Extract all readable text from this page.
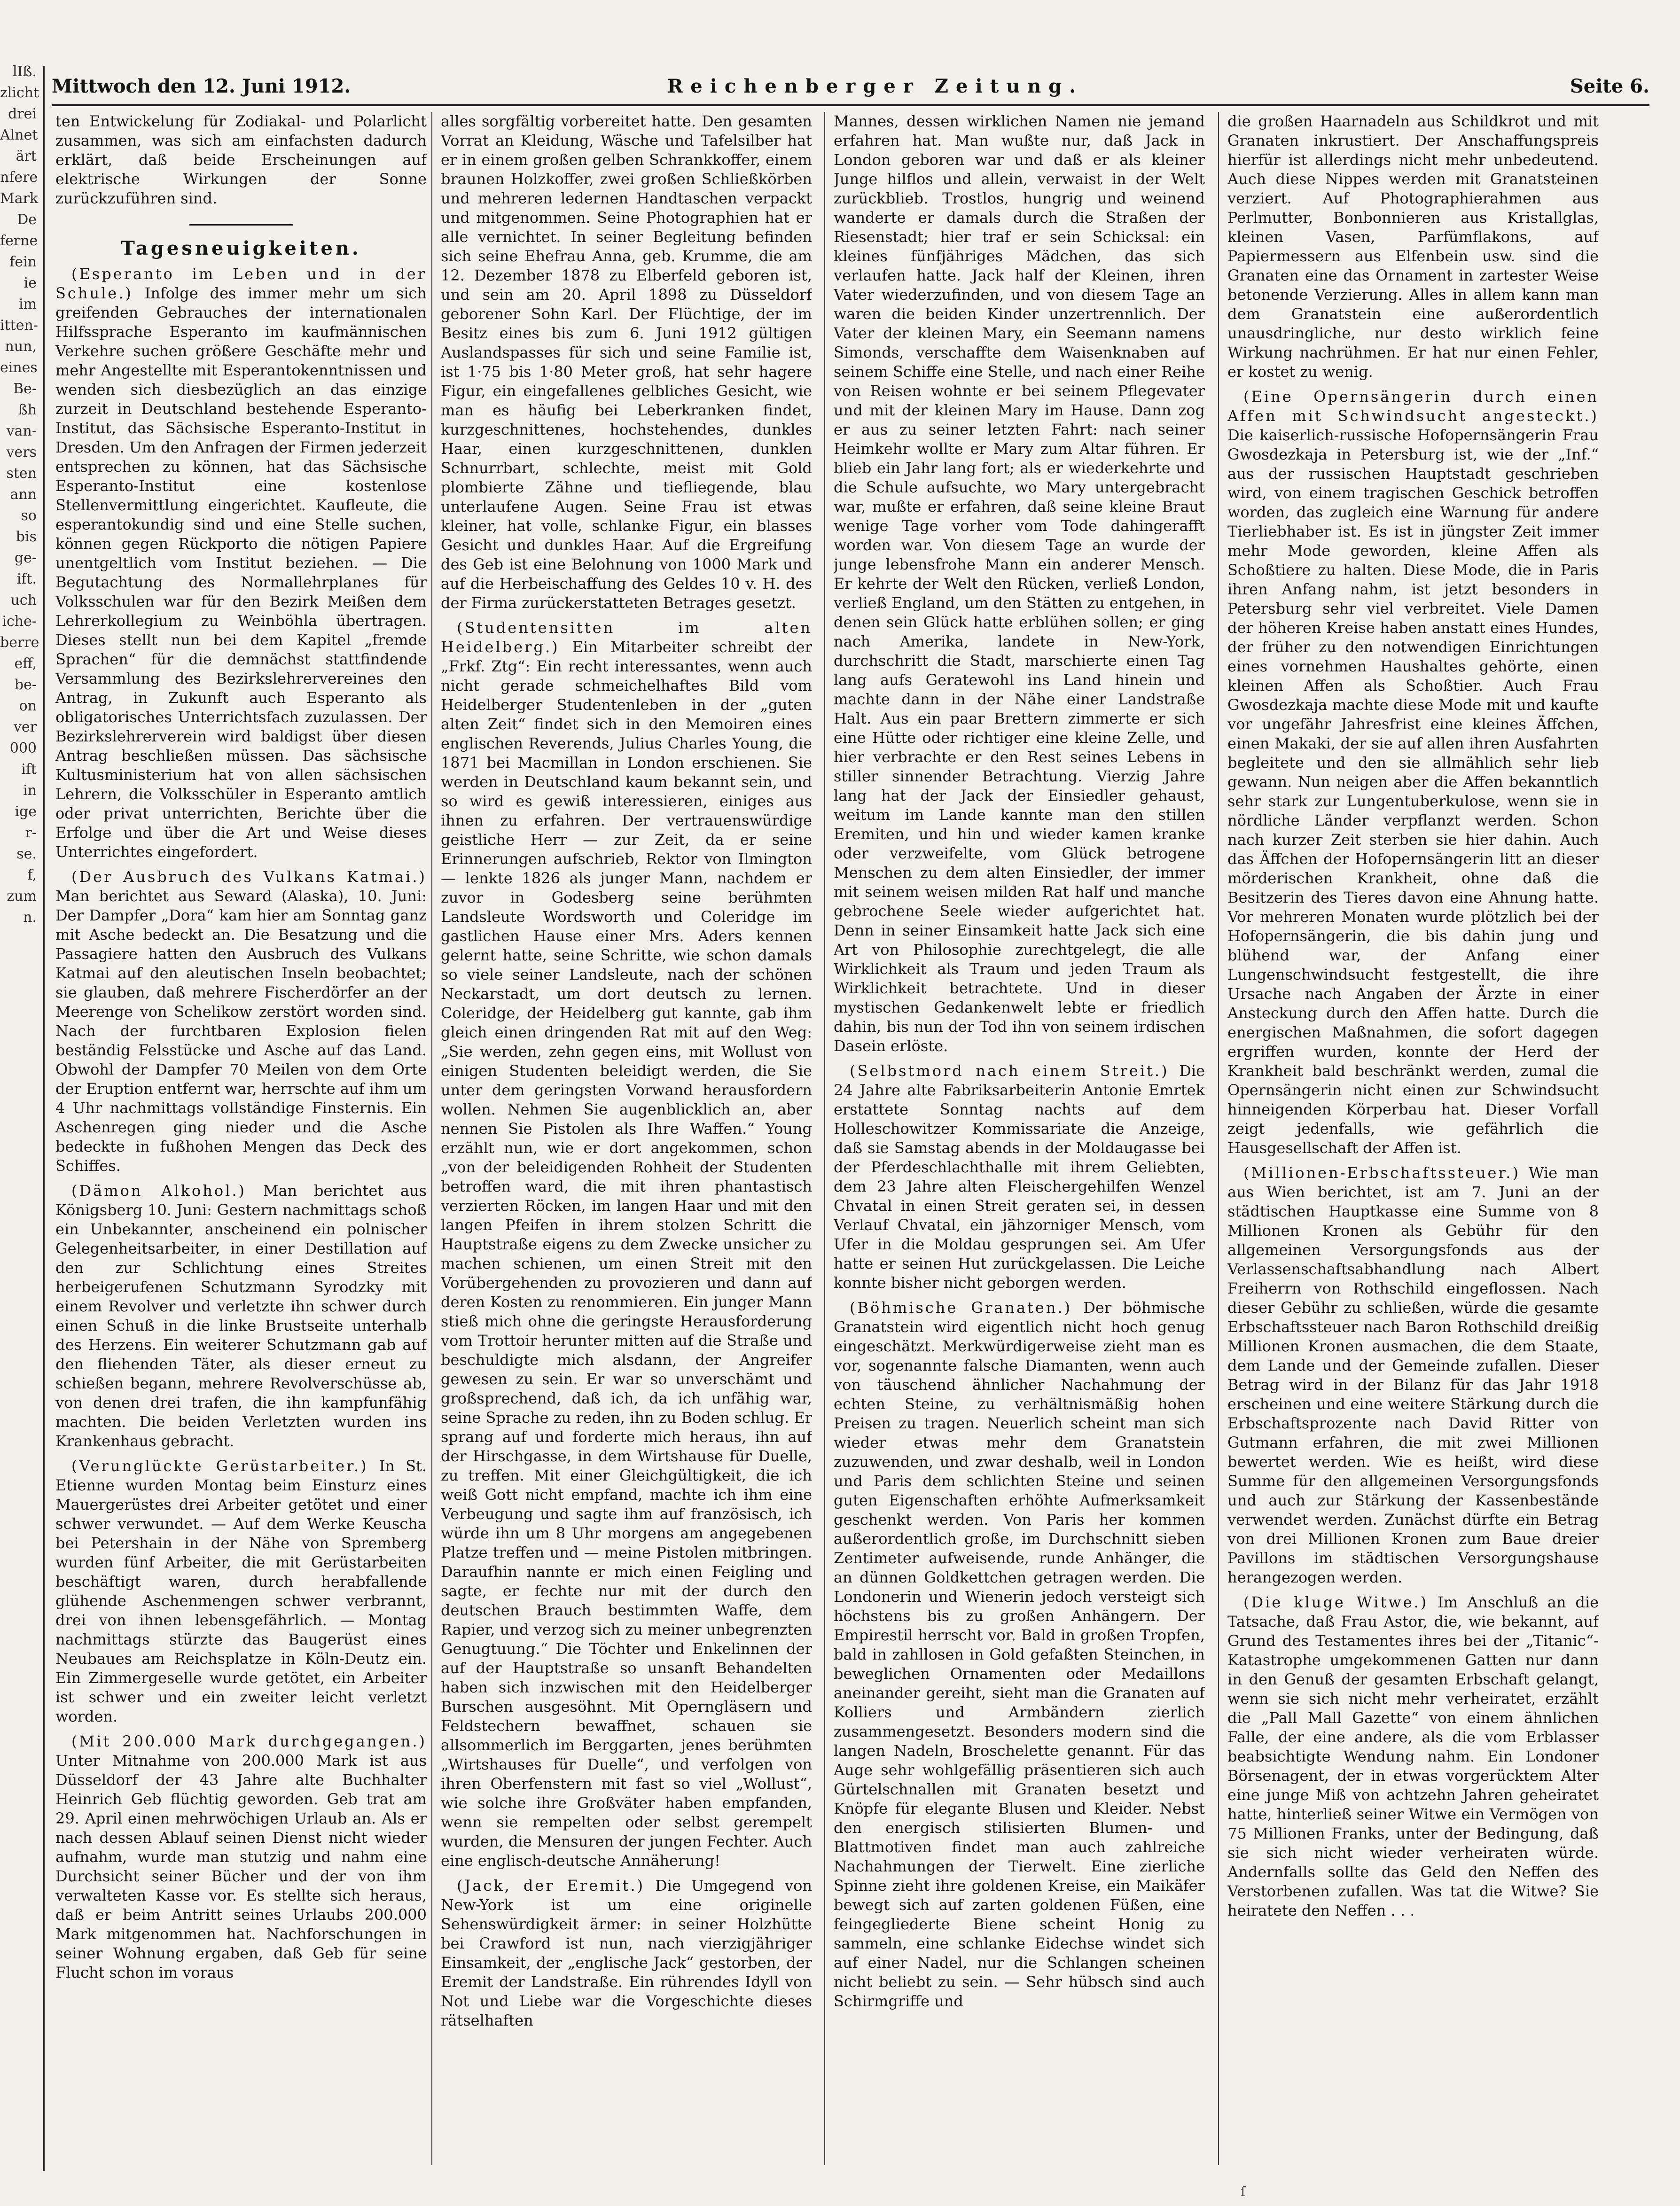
lIß.
zlicht
drei
Alnet
ärt
nfere
Mark
De
ferne
fein
ie
im
itten-
nun,
eines
Be-
ßh
van-
vers
sten
ann
so
bis
ge-
ift.
uch
iche-
berre
eff,
be-
on
ver
000
ift
in
ige
r-
se.
f,
zum
n.
Mittwoch den 12. Juni 1912.	Reichenberger Zeitung.	Seite 6.

ten Entwickelung für Zodiakal- und Polarlicht zusammen, was sich am einfachsten dadurch erklärt, daß beide Erscheinungen auf elektrische Wirkungen der Sonne zurückzuführen sind.

Tagesneuigkeiten.

(Esperanto im Leben und in der Schule.) Infolge des immer mehr um sich greifenden Gebrauches der internationalen Hilfssprache Esperanto im kaufmännischen Verkehre suchen größere Geschäfte mehr und mehr Angestellte mit Esperantokenntnissen und wenden sich diesbezüglich an das einzige zurzeit in Deutschland bestehende Esperanto-Institut, das Sächsische Esperanto-Institut in Dresden. Um den Anfragen der Firmen jederzeit entsprechen zu können, hat das Sächsische Esperanto-Institut eine kostenlose Stellenvermittlung eingerichtet. Kaufleute, die esperantokundig sind und eine Stelle suchen, können gegen Rückporto die nötigen Papiere unentgeltlich vom Institut beziehen. — Die Begutachtung des Normallehrplanes für Volksschulen war für den Bezirk Meißen dem Lehrerkollegium zu Weinböhla übertragen. Dieses stellt nun bei dem Kapitel „fremde Sprachen“ für die demnächst stattfindende Versammlung des Bezirkslehrervereines den Antrag, in Zukunft auch Esperanto als obligatorisches Unterrichtsfach zuzulassen. Der Bezirkslehrerverein wird baldigst über diesen Antrag beschließen müssen. Das sächsische Kultusministerium hat von allen sächsischen Lehrern, die Volksschüler in Esperanto amtlich oder privat unterrichten, Berichte über die Erfolge und über die Art und Weise dieses Unterrichtes eingefordert.

(Der Ausbruch des Vulkans Katmai.) Man berichtet aus Seward (Alaska), 10. Juni: Der Dampfer „Dora“ kam hier am Sonntag ganz mit Asche bedeckt an. Die Besatzung und die Passagiere hatten den Ausbruch des Vulkans Katmai auf den aleutischen Inseln beobachtet; sie glauben, daß mehrere Fischerdörfer an der Meerenge von Schelikow zerstört worden sind. Nach der furchtbaren Explosion fielen beständig Felsstücke und Asche auf das Land. Obwohl der Dampfer 70 Meilen von dem Orte der Eruption entfernt war, herrschte auf ihm um 4 Uhr nachmittags vollständige Finsternis. Ein Aschenregen ging nieder und die Asche bedeckte in fußhohen Mengen das Deck des Schiffes.

(Dämon Alkohol.) Man berichtet aus Königsberg 10. Juni: Gestern nachmittags schoß ein Unbekannter, anscheinend ein polnischer Gelegenheitsarbeiter, in einer Destillation auf den zur Schlichtung eines Streites herbeigerufenen Schutzmann Syrodzky mit einem Revolver und verletzte ihn schwer durch einen Schuß in die linke Brustseite unterhalb des Herzens. Ein weiterer Schutzmann gab auf den fliehenden Täter, als dieser erneut zu schießen begann, mehrere Revolverschüsse ab, von denen drei trafen, die ihn kampfunfähig machten. Die beiden Verletzten wurden ins Krankenhaus gebracht.

(Verunglückte Gerüstarbeiter.) In St. Etienne wurden Montag beim Einsturz eines Mauergerüstes drei Arbeiter getötet und einer schwer verwundet. — Auf dem Werke Keuscha bei Petershain in der Nähe von Spremberg wurden fünf Arbeiter, die mit Gerüstarbeiten beschäftigt waren, durch herabfallende glühende Aschenmengen schwer verbrannt, drei von ihnen lebensgefährlich. — Montag nachmittags stürzte das Baugerüst eines Neubaues am Reichsplatze in Köln-Deutz ein. Ein Zimmergeselle wurde getötet, ein Arbeiter ist schwer und ein zweiter leicht verletzt worden.

(Mit 200.000 Mark durchgegangen.) Unter Mitnahme von 200.000 Mark ist aus Düsseldorf der 43 Jahre alte Buchhalter Heinrich Geb flüchtig geworden. Geb trat am 29. April einen mehrwöchigen Urlaub an. Als er nach dessen Ablauf seinen Dienst nicht wieder aufnahm, wurde man stutzig und nahm eine Durchsicht seiner Bücher und der von ihm verwalteten Kasse vor. Es stellte sich heraus, daß er beim Antritt seines Urlaubs 200.000 Mark mitgenommen hat. Nachforschungen in seiner Wohnung ergaben, daß Geb für seine Flucht schon im voraus

alles sorgfältig vorbereitet hatte. Den gesamten Vorrat an Kleidung, Wäsche und Tafelsilber hat er in einem großen gelben Schrankkoffer, einem braunen Holzkoffer, zwei großen Schließkörben und mehreren ledernen Handtaschen verpackt und mitgenommen. Seine Photographien hat er alle vernichtet. In seiner Begleitung befinden sich seine Ehefrau Anna, geb. Krumme, die am 12. Dezember 1878 zu Elberfeld geboren ist, und sein am 20. April 1898 zu Düsseldorf geborener Sohn Karl. Der Flüchtige, der im Besitz eines bis zum 6. Juni 1912 gültigen Auslandspasses für sich und seine Familie ist, ist 1·75 bis 1·80 Meter groß, hat sehr hagere Figur, ein eingefallenes gelbliches Gesicht, wie man es häufig bei Leberkranken findet, kurzgeschnittenes, hochstehendes, dunkles Haar, einen kurzgeschnittenen, dunklen Schnurrbart, schlechte, meist mit Gold plombierte Zähne und tiefliegende, blau unterlaufene Augen. Seine Frau ist etwas kleiner, hat volle, schlanke Figur, ein blasses Gesicht und dunkles Haar. Auf die Ergreifung des Geb ist eine Belohnung von 1000 Mark und auf die Herbeischaffung des Geldes 10 v. H. des der Firma zurückerstatteten Betrages gesetzt.

(Studentensitten im alten Heidelberg.) Ein Mitarbeiter schreibt der „Frkf. Ztg“: Ein recht interessantes, wenn auch nicht gerade schmeichelhaftes Bild vom Heidelberger Studentenleben in der „guten alten Zeit“ findet sich in den Memoiren eines englischen Reverends, Julius Charles Young, die 1871 bei Macmillan in London erschienen. Sie werden in Deutschland kaum bekannt sein, und so wird es gewiß interessieren, einiges aus ihnen zu erfahren. Der vertrauenswürdige geistliche Herr — zur Zeit, da er seine Erinnerungen aufschrieb, Rektor von Ilmington — lenkte 1826 als junger Mann, nachdem er zuvor in Godesberg seine berühmten Landsleute Wordsworth und Coleridge im gastlichen Hause einer Mrs. Aders kennen gelernt hatte, seine Schritte, wie schon damals so viele seiner Landsleute, nach der schönen Neckarstadt, um dort deutsch zu lernen. Coleridge, der Heidelberg gut kannte, gab ihm gleich einen dringenden Rat mit auf den Weg: „Sie werden, zehn gegen eins, mit Wollust von einigen Studenten beleidigt werden, die Sie unter dem geringsten Vorwand herausfordern wollen. Nehmen Sie augenblicklich an, aber nennen Sie Pistolen als Ihre Waffen.“ Young erzählt nun, wie er dort angekommen, schon „von der beleidigenden Rohheit der Studenten betroffen ward, die mit ihren phantastisch verzierten Röcken, im langen Haar und mit den langen Pfeifen in ihrem stolzen Schritt die Hauptstraße eigens zu dem Zwecke unsicher zu machen schienen, um einen Streit mit den Vorübergehenden zu provozieren und dann auf deren Kosten zu renommieren. Ein junger Mann stieß mich ohne die geringste Herausforderung vom Trottoir herunter mitten auf die Straße und beschuldigte mich alsdann, der Angreifer gewesen zu sein. Er war so unverschämt und großsprechend, daß ich, da ich unfähig war, seine Sprache zu reden, ihn zu Boden schlug. Er sprang auf und forderte mich heraus, ihn auf der Hirschgasse, in dem Wirtshause für Duelle, zu treffen. Mit einer Gleichgültigkeit, die ich weiß Gott nicht empfand, machte ich ihm eine Verbeugung und sagte ihm auf französisch, ich würde ihn um 8 Uhr morgens am angegebenen Platze treffen und — meine Pistolen mitbringen. Daraufhin nannte er mich einen Feigling und sagte, er fechte nur mit der durch den deutschen Brauch bestimmten Waffe, dem Rapier, und verzog sich zu meiner unbegrenzten Genugtuung.“ Die Töchter und Enkelinnen der auf der Hauptstraße so unsanft Behandelten haben sich inzwischen mit den Heidelberger Burschen ausgesöhnt. Mit Operngläsern und Feldstechern bewaffnet, schauen sie allsommerlich im Berggarten, jenes berühmten „Wirtshauses für Duelle“, und verfolgen von ihren Oberfenstern mit fast so viel „Wollust“, wie solche ihre Großväter haben empfanden, wenn sie rempelten oder selbst gerempelt wurden, die Mensuren der jungen Fechter. Auch eine englisch-deutsche Annäherung!

(Jack, der Eremit.) Die Umgegend von New-York ist um eine originelle Sehenswürdigkeit ärmer: in seiner Holzhütte bei Crawford ist nun, nach vierzigjähriger Einsamkeit, der „englische Jack“ gestorben, der Eremit der Landstraße. Ein rührendes Idyll von Not und Liebe war die Vorgeschichte dieses rätselhaften

Mannes, dessen wirklichen Namen nie jemand erfahren hat. Man wußte nur, daß Jack in London geboren war und daß er als kleiner Junge hilflos und allein, verwaist in der Welt zurückblieb. Trostlos, hungrig und weinend wanderte er damals durch die Straßen der Riesenstadt; hier traf er sein Schicksal: ein kleines fünfjähriges Mädchen, das sich verlaufen hatte. Jack half der Kleinen, ihren Vater wiederzufinden, und von diesem Tage an waren die beiden Kinder unzertrennlich. Der Vater der kleinen Mary, ein Seemann namens Simonds, verschaffte dem Waisenknaben auf seinem Schiffe eine Stelle, und nach einer Reihe von Reisen wohnte er bei seinem Pflegevater und mit der kleinen Mary im Hause. Dann zog er aus zu seiner letzten Fahrt: nach seiner Heimkehr wollte er Mary zum Altar führen. Er blieb ein Jahr lang fort; als er wiederkehrte und die Schule aufsuchte, wo Mary untergebracht war, mußte er erfahren, daß seine kleine Braut wenige Tage vorher vom Tode dahingerafft worden war. Von diesem Tage an wurde der junge lebensfrohe Mann ein anderer Mensch. Er kehrte der Welt den Rücken, verließ London, verließ England, um den Stätten zu entgehen, in denen sein Glück hatte erblühen sollen; er ging nach Amerika, landete in New-York, durchschritt die Stadt, marschierte einen Tag lang aufs Geratewohl ins Land hinein und machte dann in der Nähe einer Landstraße Halt. Aus ein paar Brettern zimmerte er sich eine Hütte oder richtiger eine kleine Zelle, und hier verbrachte er den Rest seines Lebens in stiller sinnender Betrachtung. Vierzig Jahre lang hat der Jack der Einsiedler gehaust, weitum im Lande kannte man den stillen Eremiten, und hin und wieder kamen kranke oder verzweifelte, vom Glück betrogene Menschen zu dem alten Einsiedler, der immer mit seinem weisen milden Rat half und manche gebrochene Seele wieder aufgerichtet hat. Denn in seiner Einsamkeit hatte Jack sich eine Art von Philosophie zurechtgelegt, die alle Wirklichkeit als Traum und jeden Traum als Wirklichkeit betrachtete. Und in dieser mystischen Gedankenwelt lebte er friedlich dahin, bis nun der Tod ihn von seinem irdischen Dasein erlöste.

(Selbstmord nach einem Streit.) Die 24 Jahre alte Fabriksarbeiterin Antonie Emrtek erstattete Sonntag nachts auf dem Holleschowitzer Kommissariate die Anzeige, daß sie Samstag abends in der Moldaugasse bei der Pferdeschlachthalle mit ihrem Geliebten, dem 23 Jahre alten Fleischergehilfen Wenzel Chvatal in einen Streit geraten sei, in dessen Verlauf Chvatal, ein jähzorniger Mensch, vom Ufer in die Moldau gesprungen sei. Am Ufer hatte er seinen Hut zurückgelassen. Die Leiche konnte bisher nicht geborgen werden.

(Böhmische Granaten.) Der böhmische Granatstein wird eigentlich nicht hoch genug eingeschätzt. Merkwürdigerweise zieht man es vor, sogenannte falsche Diamanten, wenn auch von täuschend ähnlicher Nachahmung der echten Steine, zu verhältnismäßig hohen Preisen zu tragen. Neuerlich scheint man sich wieder etwas mehr dem Granatstein zuzuwenden, und zwar deshalb, weil in London und Paris dem schlichten Steine und seinen guten Eigenschaften erhöhte Aufmerksamkeit geschenkt werden. Von Paris her kommen außerordentlich große, im Durchschnitt sieben Zentimeter aufweisende, runde Anhänger, die an dünnen Goldkettchen getragen werden. Die Londonerin und Wienerin jedoch versteigt sich höchstens bis zu großen Anhängern. Der Empirestil herrscht vor. Bald in großen Tropfen, bald in zahllosen in Gold gefaßten Steinchen, in beweglichen Ornamenten oder Medaillons aneinander gereiht, sieht man die Granaten auf Kolliers und Armbändern zierlich zusammengesetzt. Besonders modern sind die langen Nadeln, Broschelette genannt. Für das Auge sehr wohlgefällig präsentieren sich auch Gürtelschnallen mit Granaten besetzt und Knöpfe für elegante Blusen und Kleider. Nebst den energisch stilisierten Blumen- und Blattmotiven findet man auch zahlreiche Nachahmungen der Tierwelt. Eine zierliche Spinne zieht ihre goldenen Kreise, ein Maikäfer bewegt sich auf zarten goldenen Füßen, eine feingegliederte Biene scheint Honig zu sammeln, eine schlanke Eidechse windet sich auf einer Nadel, nur die Schlangen scheinen nicht beliebt zu sein. — Sehr hübsch sind auch Schirmgriffe und

die großen Haarnadeln aus Schildkrot und mit Granaten inkrustiert. Der Anschaffungspreis hierfür ist allerdings nicht mehr unbedeutend. Auch diese Nippes werden mit Granatsteinen verziert. Auf Photographierahmen aus Perlmutter, Bonbonnieren aus Kristallglas, kleinen Vasen, Parfümflakons, auf Papiermessern aus Elfenbein usw. sind die Granaten eine das Ornament in zartester Weise betonende Verzierung. Alles in allem kann man dem Granatstein eine außerordentlich unausdringliche, nur desto wirklich feine Wirkung nachrühmen. Er hat nur einen Fehler, er kostet zu wenig.

(Eine Opernsängerin durch einen Affen mit Schwindsucht angesteckt.) Die kaiserlich-russische Hofopernsängerin Frau Gwosdezkaja in Petersburg ist, wie der „Inf.“ aus der russischen Hauptstadt geschrieben wird, von einem tragischen Geschick betroffen worden, das zugleich eine Warnung für andere Tierliebhaber ist. Es ist in jüngster Zeit immer mehr Mode geworden, kleine Affen als Schoßtiere zu halten. Diese Mode, die in Paris ihren Anfang nahm, ist jetzt besonders in Petersburg sehr viel verbreitet. Viele Damen der höheren Kreise haben anstatt eines Hundes, der früher zu den notwendigen Einrichtungen eines vornehmen Haushaltes gehörte, einen kleinen Affen als Schoßtier. Auch Frau Gwosdezkaja machte diese Mode mit und kaufte vor ungefähr Jahresfrist eine kleines Äffchen, einen Makaki, der sie auf allen ihren Ausfahrten begleitete und den sie allmählich sehr lieb gewann. Nun neigen aber die Affen bekanntlich sehr stark zur Lungentuberkulose, wenn sie in nördliche Länder verpflanzt werden. Schon nach kurzer Zeit sterben sie hier dahin. Auch das Äffchen der Hofopernsängerin litt an dieser mörderischen Krankheit, ohne daß die Besitzerin des Tieres davon eine Ahnung hatte. Vor mehreren Monaten wurde plötzlich bei der Hofopernsängerin, die bis dahin jung und blühend war, der Anfang einer Lungenschwindsucht festgestellt, die ihre Ursache nach Angaben der Ärzte in einer Ansteckung durch den Affen hatte. Durch die energischen Maßnahmen, die sofort dagegen ergriffen wurden, konnte der Herd der Krankheit bald beschränkt werden, zumal die Opernsängerin nicht einen zur Schwindsucht hinneigenden Körperbau hat. Dieser Vorfall zeigt jedenfalls, wie gefährlich die Hausgesellschaft der Affen ist.

(Millionen-Erbschaftssteuer.) Wie man aus Wien berichtet, ist am 7. Juni an der städtischen Hauptkasse eine Summe von 8 Millionen Kronen als Gebühr für den allgemeinen Versorgungsfonds aus der Verlassenschaftsabhandlung nach Albert Freiherrn von Rothschild eingeflossen. Nach dieser Gebühr zu schließen, würde die gesamte Erbschaftssteuer nach Baron Rothschild dreißig Millionen Kronen ausmachen, die dem Staate, dem Lande und der Gemeinde zufallen. Dieser Betrag wird in der Bilanz für das Jahr 1918 erscheinen und eine weitere Stärkung durch die Erbschaftsprozente nach David Ritter von Gutmann erfahren, die mit zwei Millionen bewertet werden. Wie es heißt, wird diese Summe für den allgemeinen Versorgungsfonds und auch zur Stärkung der Kassenbestände verwendet werden. Zunächst dürfte ein Betrag von drei Millionen Kronen zum Baue dreier Pavillons im städtischen Versorgungshause herangezogen werden.

(Die kluge Witwe.) Im Anschluß an die Tatsache, daß Frau Astor, die, wie bekannt, auf Grund des Testamentes ihres bei der „Titanic“-Katastrophe umgekommenen Gatten nur dann in den Genuß der gesamten Erbschaft gelangt, wenn sie sich nicht mehr verheiratet, erzählt die „Pall Mall Gazette“ von einem ähnlichen Falle, der eine andere, als die vom Erblasser beabsichtigte Wendung nahm. Ein Londoner Börsenagent, der in etwas vorgerücktem Alter eine junge Miß von achtzehn Jahren geheiratet hatte, hinterließ seiner Witwe ein Vermögen von 75 Millionen Franks, unter der Bedingung, daß sie sich nicht wieder verheiraten würde. Andernfalls sollte das Geld den Neffen des Verstorbenen zufallen. Was tat die Witwe? Sie heiratete den Neffen . . .

ſ
